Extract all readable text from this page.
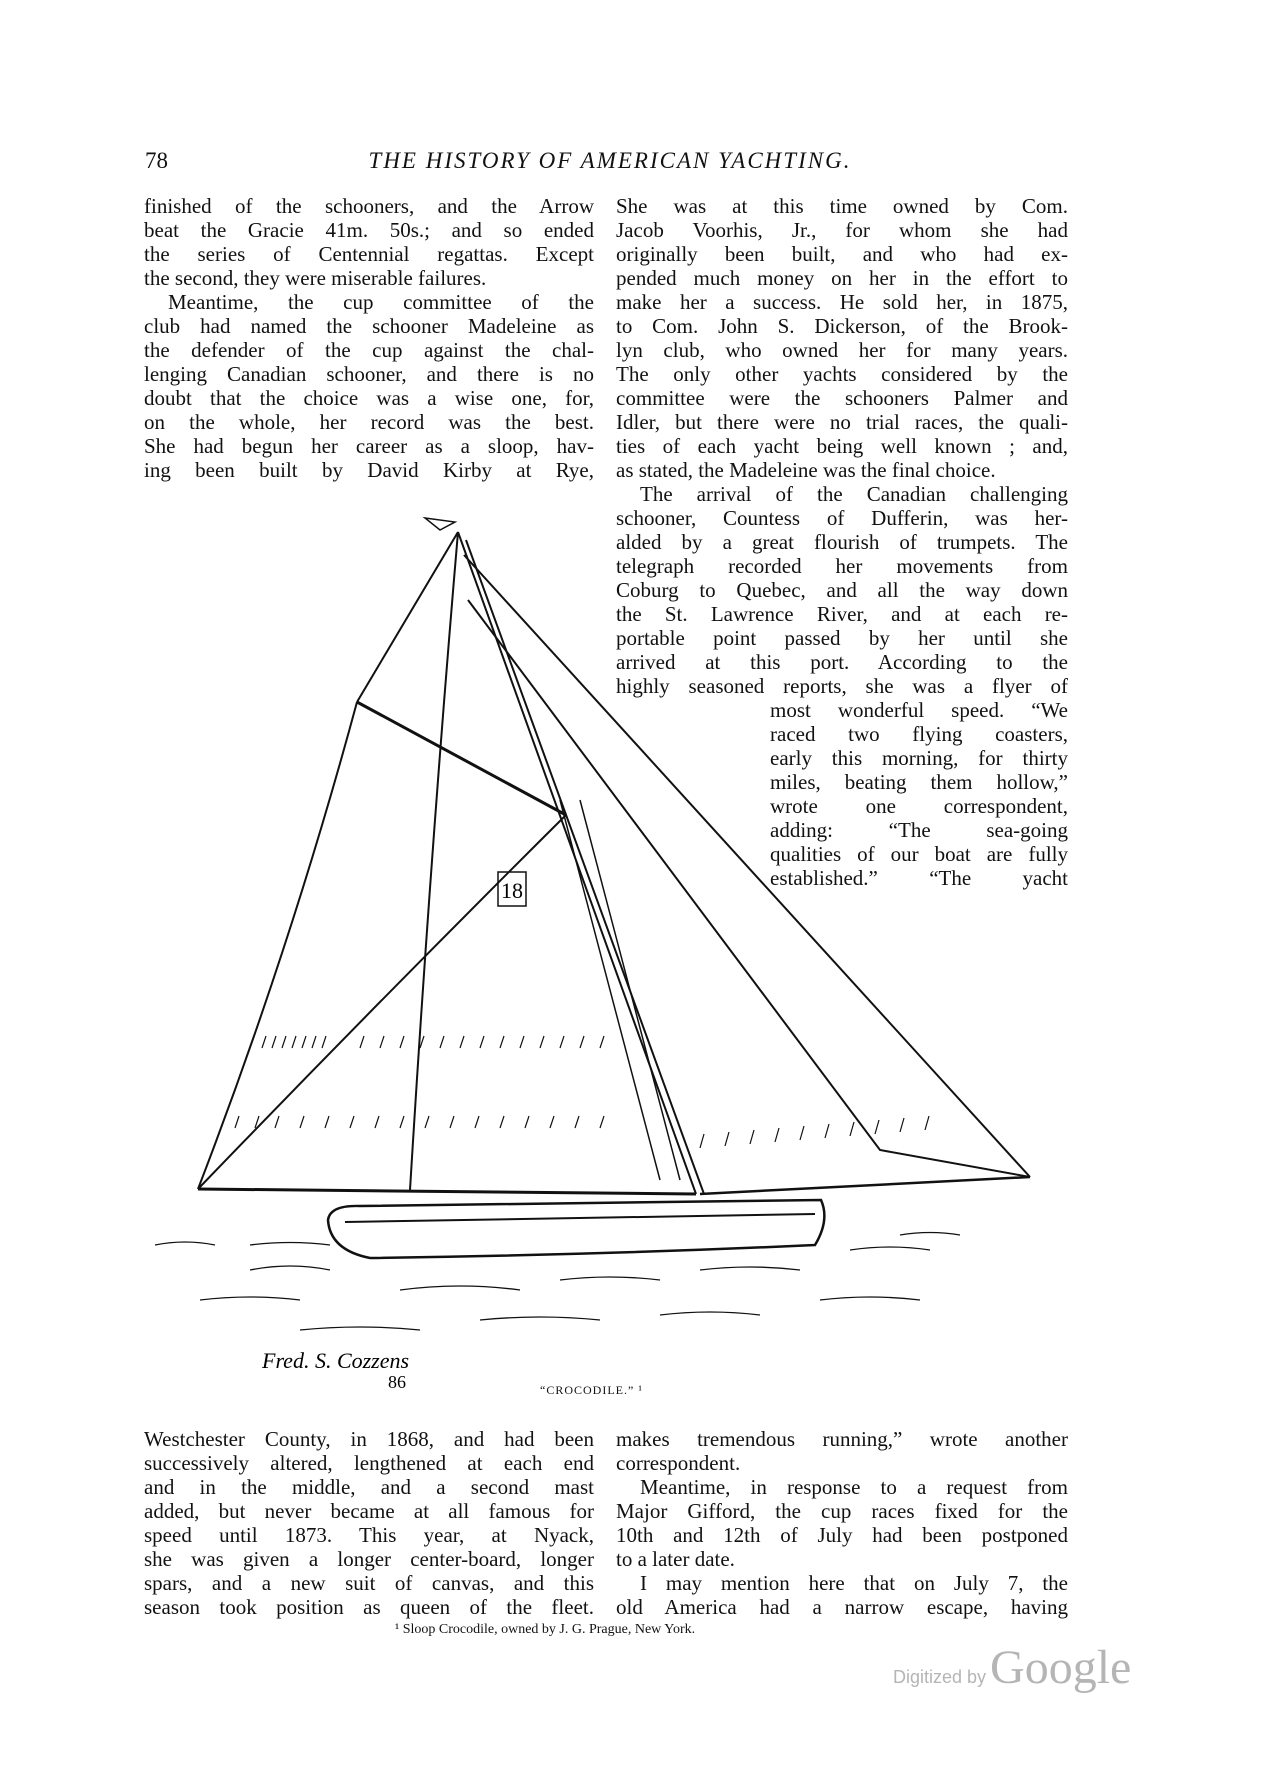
78	THE HISTORY OF AMERICAN YACHTING.
finished of the schooners, and the Arrow
beat the Gracie 41m. 50s.; and so ended
the series of Centennial regattas. Except
the second, they were miserable failures.
Meantime, the cup committee of the
club had named the schooner Madeleine as
the defender of the cup against the chal-
lenging Canadian schooner, and there is no
doubt that the choice was a wise one, for,
on the whole, her record was the best.
She had begun her career as a sloop, hav-
ing been built by David Kirby at Rye,
She was at this time owned by Com.
Jacob Voorhis, Jr., for whom she had
originally been built, and who had ex-
pended much money on her in the effort to
make her a success. He sold her, in 1875,
to Com. John S. Dickerson, of the Brook-
lyn club, who owned her for many years.
The only other yachts considered by the
committee were the schooners Palmer and
Idler, but there were no trial races, the quali-
ties of each yacht being well known ; and,
as stated, the Madeleine was the final choice.
The arrival of the Canadian challenging
schooner, Countess of Dufferin, was her-
alded by a great flourish of trumpets. The
telegraph recorded her movements from
Coburg to Quebec, and all the way down
the St. Lawrence River, and at each re-
portable point passed by her until she
arrived at this port. According to the
highly seasoned reports, she was a flyer of
most wonderful speed. “We
raced two flying coasters,
early this morning, for thirty
miles, beating them hollow,”
wrote one correspondent,
adding: “The sea-going
qualities of our boat are fully
established.” “The yacht
18
Fred. S. Cozzens
86	“CROCODILE.” ¹
Westchester County, in 1868, and had been
successively altered, lengthened at each end
and in the middle, and a second mast
added, but never became at all famous for
speed until 1873. This year, at Nyack,
she was given a longer center-board, longer
spars, and a new suit of canvas, and this
season took position as queen of the fleet.
makes tremendous running,” wrote another
correspondent.
Meantime, in response to a request from
Major Gifford, the cup races fixed for the
10th and 12th of July had been postponed
to a later date.
I may mention here that on July 7, the
old America had a narrow escape, having
¹ Sloop Crocodile, owned by J. G. Prague, New York.
Digitized by Google
